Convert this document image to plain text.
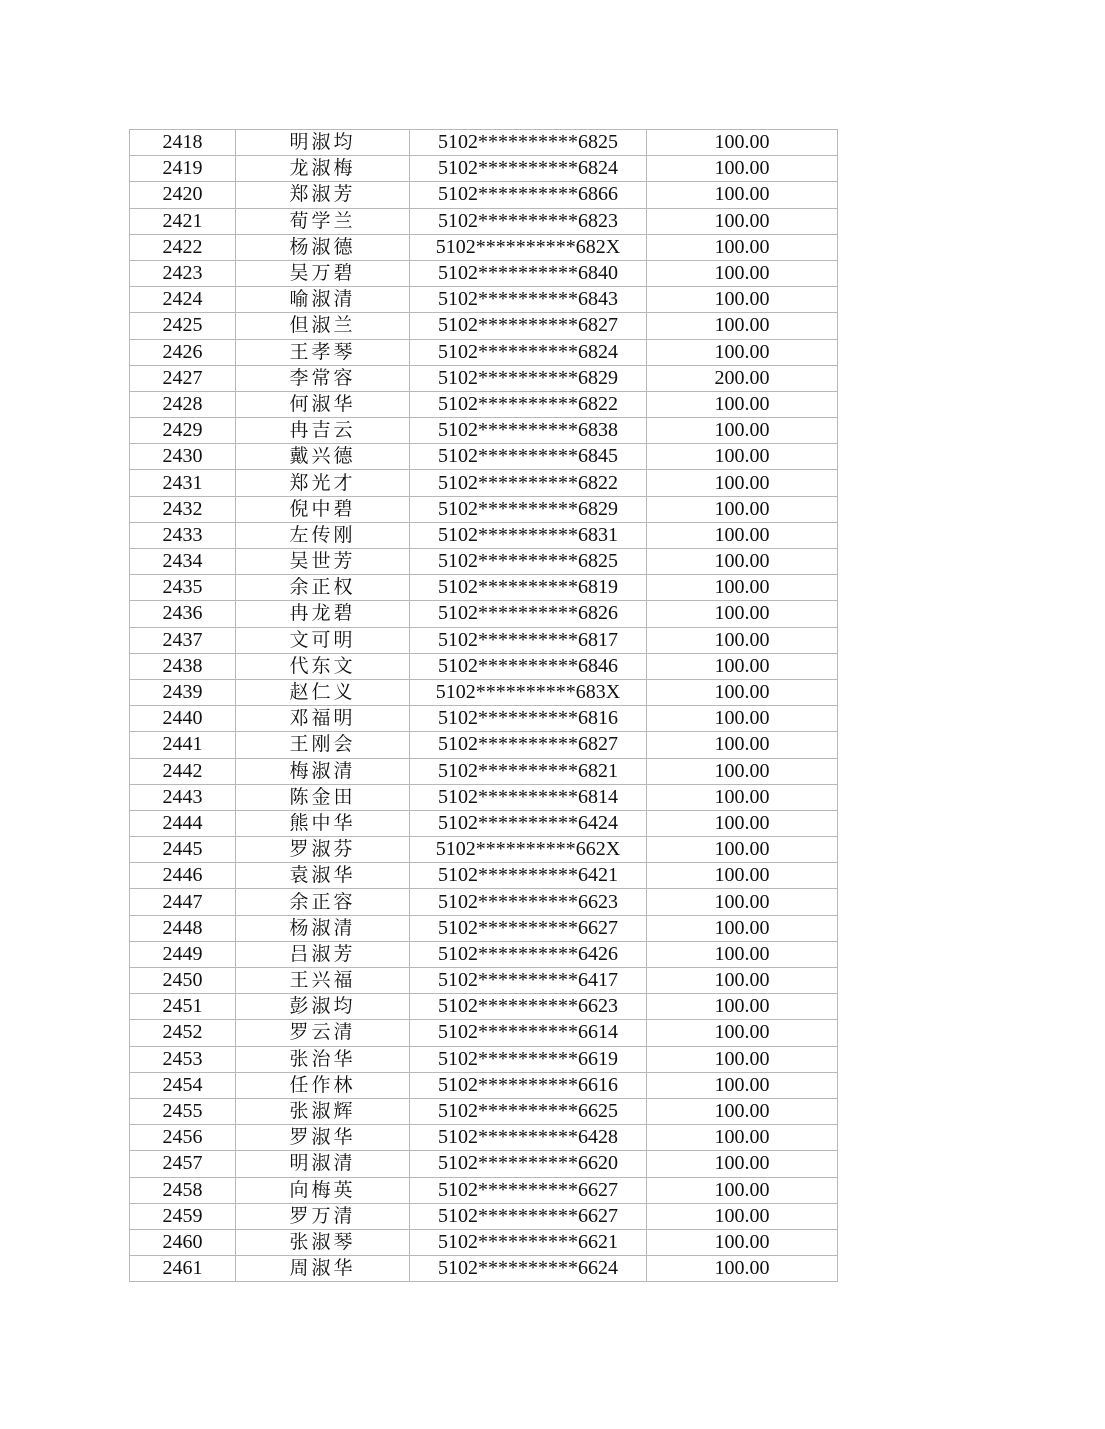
2418	明淑均	5102**********6825	100.00
2419	龙淑梅	5102**********6824	100.00
2420	郑淑芳	5102**********6866	100.00
2421	荀学兰	5102**********6823	100.00
2422	杨淑德	5102**********682X	100.00
2423	吴万碧	5102**********6840	100.00
2424	喻淑清	5102**********6843	100.00
2425	但淑兰	5102**********6827	100.00
2426	王孝琴	5102**********6824	100.00
2427	李常容	5102**********6829	200.00
2428	何淑华	5102**********6822	100.00
2429	冉吉云	5102**********6838	100.00
2430	戴兴德	5102**********6845	100.00
2431	郑光才	5102**********6822	100.00
2432	倪中碧	5102**********6829	100.00
2433	左传刚	5102**********6831	100.00
2434	吴世芳	5102**********6825	100.00
2435	余正权	5102**********6819	100.00
2436	冉龙碧	5102**********6826	100.00
2437	文可明	5102**********6817	100.00
2438	代东文	5102**********6846	100.00
2439	赵仁义	5102**********683X	100.00
2440	邓福明	5102**********6816	100.00
2441	王刚会	5102**********6827	100.00
2442	梅淑清	5102**********6821	100.00
2443	陈金田	5102**********6814	100.00
2444	熊中华	5102**********6424	100.00
2445	罗淑芬	5102**********662X	100.00
2446	袁淑华	5102**********6421	100.00
2447	余正容	5102**********6623	100.00
2448	杨淑清	5102**********6627	100.00
2449	吕淑芳	5102**********6426	100.00
2450	王兴福	5102**********6417	100.00
2451	彭淑均	5102**********6623	100.00
2452	罗云清	5102**********6614	100.00
2453	张治华	5102**********6619	100.00
2454	任作林	5102**********6616	100.00
2455	张淑辉	5102**********6625	100.00
2456	罗淑华	5102**********6428	100.00
2457	明淑清	5102**********6620	100.00
2458	向梅英	5102**********6627	100.00
2459	罗万清	5102**********6627	100.00
2460	张淑琴	5102**********6621	100.00
2461	周淑华	5102**********6624	100.00
